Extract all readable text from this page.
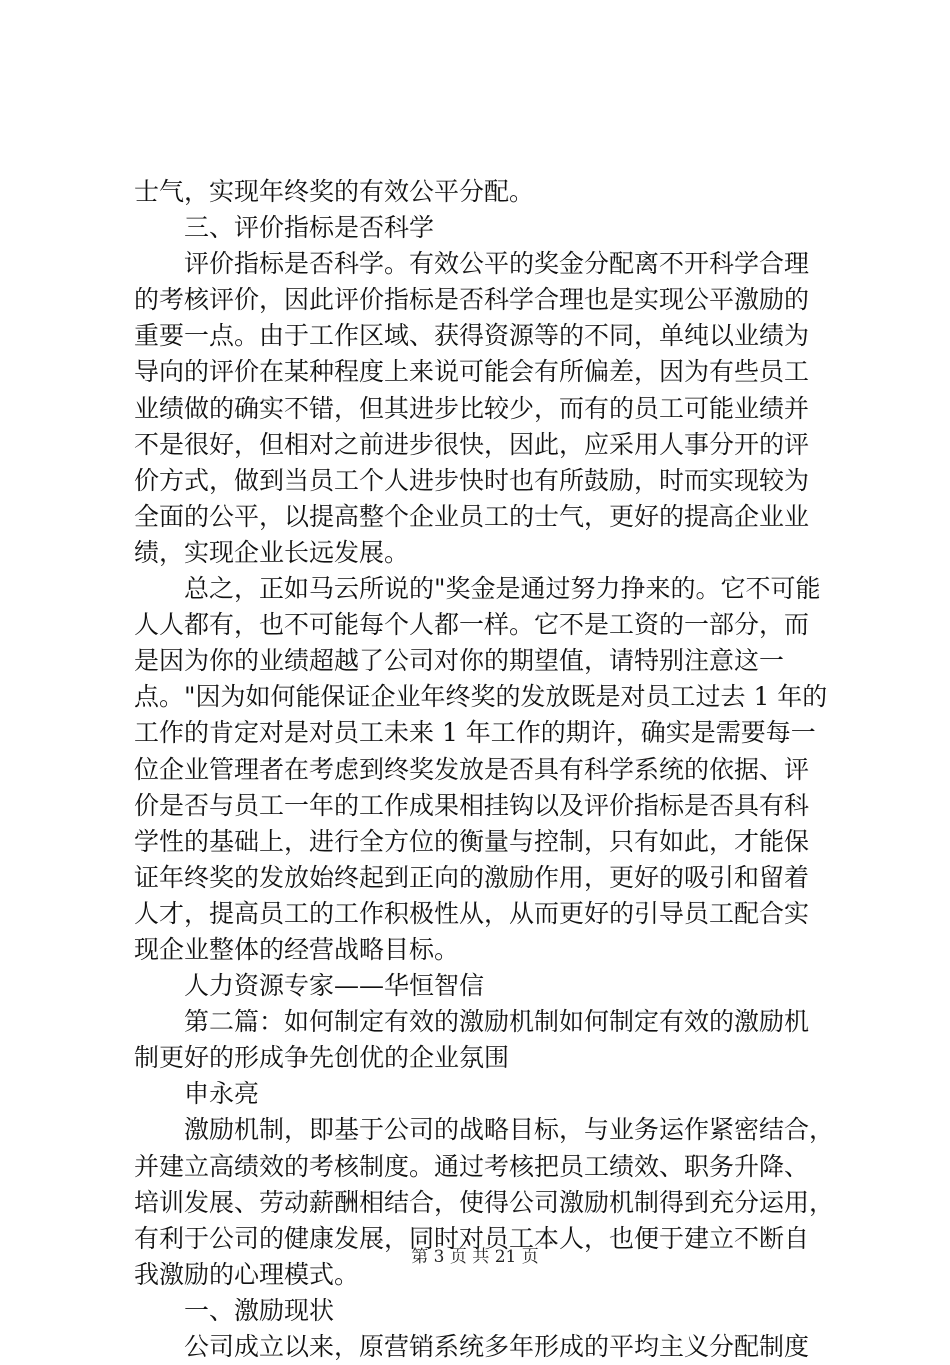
士气，实现年终奖的有效公平分配。
三、评价指标是否科学
评价指标是否科学。有效公平的奖金分配离不开科学合理
的考核评价，因此评价指标是否科学合理也是实现公平激励的
重要一点。由于工作区域、获得资源等的不同，单纯以业绩为
导向的评价在某种程度上来说可能会有所偏差，因为有些员工
业绩做的确实不错，但其进步比较少，而有的员工可能业绩并
不是很好，但相对之前进步很快，因此，应采用人事分开的评
价方式，做到当员工个人进步快时也有所鼓励，时而实现较为
全面的公平，以提高整个企业员工的士气，更好的提高企业业
绩，实现企业长远发展。
总之，正如马云所说的"奖金是通过努力挣来的。它不可能
人人都有，也不可能每个人都一样。它不是工资的一部分，而
是因为你的业绩超越了公司对你的期望值，请特别注意这一
点。"因为如何能保证企业年终奖的发放既是对员工过去 1 年的
工作的肯定对是对员工未来 1 年工作的期许，确实是需要每一
位企业管理者在考虑到终奖发放是否具有科学系统的依据、评
价是否与员工一年的工作成果相挂钩以及评价指标是否具有科
学性的基础上，进行全方位的衡量与控制，只有如此，才能保
证年终奖的发放始终起到正向的激励作用，更好的吸引和留着
人才，提高员工的工作积极性从，从而更好的引导员工配合实
现企业整体的经营战略目标。
人力资源专家——华恒智信
第二篇：如何制定有效的激励机制如何制定有效的激励机
制更好的形成争先创优的企业氛围
申永亮
激励机制，即基于公司的战略目标，与业务运作紧密结合，
并建立高绩效的考核制度。通过考核把员工绩效、职务升降、
培训发展、劳动薪酬相结合，使得公司激励机制得到充分运用，
有利于公司的健康发展，同时对员工本人，也便于建立不断自
我激励的心理模式。
一、激励现状
公司成立以来，原营销系统多年形成的平均主义分配制度
第 3 页 共 21 页
